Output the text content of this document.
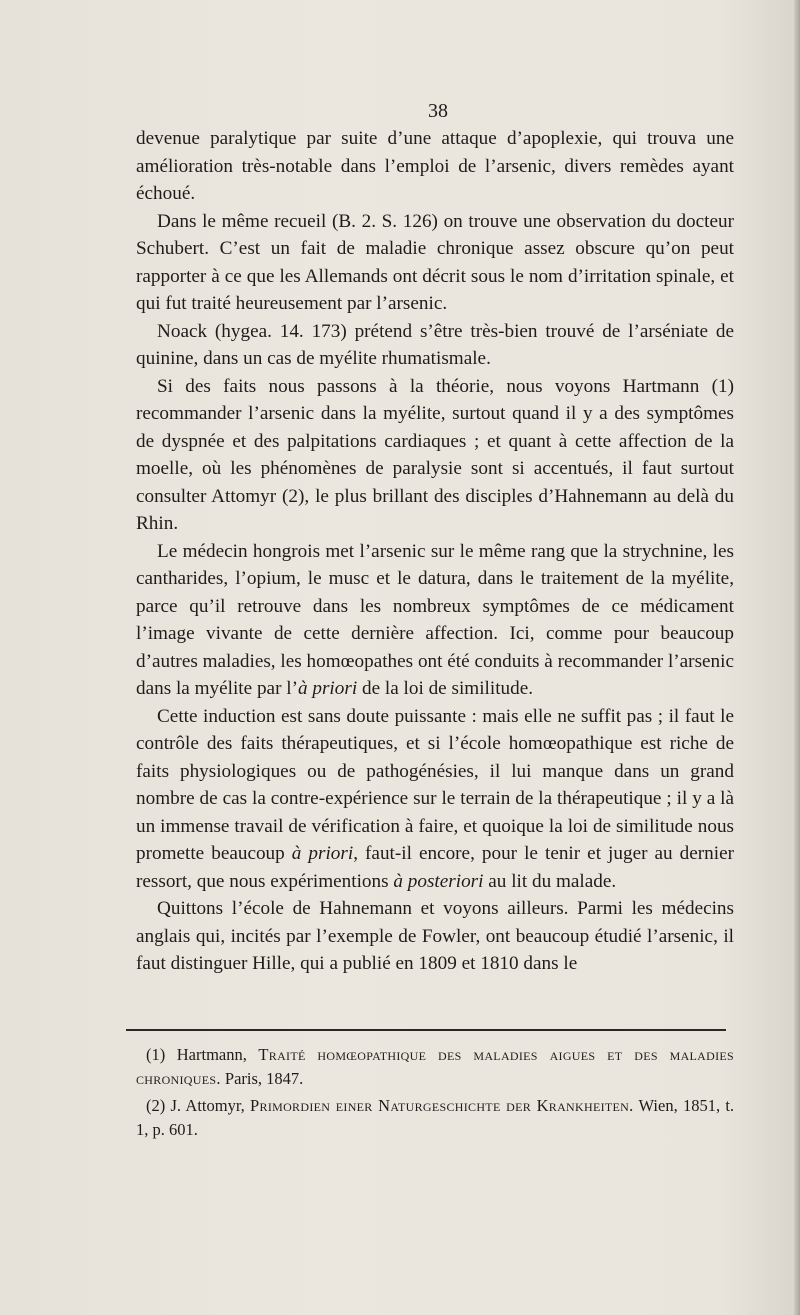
38

devenue paralytique par suite d’une attaque d’apoplexie, qui trouva une amélioration très-notable dans l’emploi de l’arsenic, divers remèdes ayant échoué.

Dans le même recueil (B. 2. S. 126) on trouve une observation du docteur Schubert. C’est un fait de maladie chronique assez obscure qu’on peut rapporter à ce que les Allemands ont décrit sous le nom d’irritation spinale, et qui fut traité heureusement par l’arsenic.

Noack (hygea. 14. 173) prétend s’être très-bien trouvé de l’arséniate de quinine, dans un cas de myélite rhumatismale.

Si des faits nous passons à la théorie, nous voyons Hartmann (1) recommander l’arsenic dans la myélite, surtout quand il y a des symptômes de dyspnée et des palpitations cardiaques ; et quant à cette affection de la moelle, où les phénomènes de paralysie sont si accentués, il faut surtout consulter Attomyr (2), le plus brillant des disciples d’Hahnemann au delà du Rhin.

Le médecin hongrois met l’arsenic sur le même rang que la strychnine, les cantharides, l’opium, le musc et le datura, dans le traitement de la myélite, parce qu’il retrouve dans les nombreux symptômes de ce médicament l’image vivante de cette dernière affection. Ici, comme pour beaucoup d’autres maladies, les homœopathes ont été conduits à recommander l’arsenic dans la myélite par l’à priori de la loi de similitude.

Cette induction est sans doute puissante : mais elle ne suffit pas ; il faut le contrôle des faits thérapeutiques, et si l’école homœopathique est riche de faits physiologiques ou de pathogénésies, il lui manque dans un grand nombre de cas la contre-expérience sur le terrain de la thérapeutique ; il y a là un immense travail de vérification à faire, et quoique la loi de similitude nous promette beaucoup à priori, faut-il encore, pour le tenir et juger au dernier ressort, que nous expérimentions à posteriori au lit du malade.

Quittons l’école de Hahnemann et voyons ailleurs. Parmi les médecins anglais qui, incités par l’exemple de Fowler, ont beaucoup étudié l’arsenic, il faut distinguer Hille, qui a publié en 1809 et 1810 dans le

(1) Hartmann, Traité homœopathique des maladies aigues et des maladies chroniques. Paris, 1847.

(2) J. Attomyr, Primordien einer Naturgeschichte der Krankheiten. Wien, 1851, t. 1, p. 601.
